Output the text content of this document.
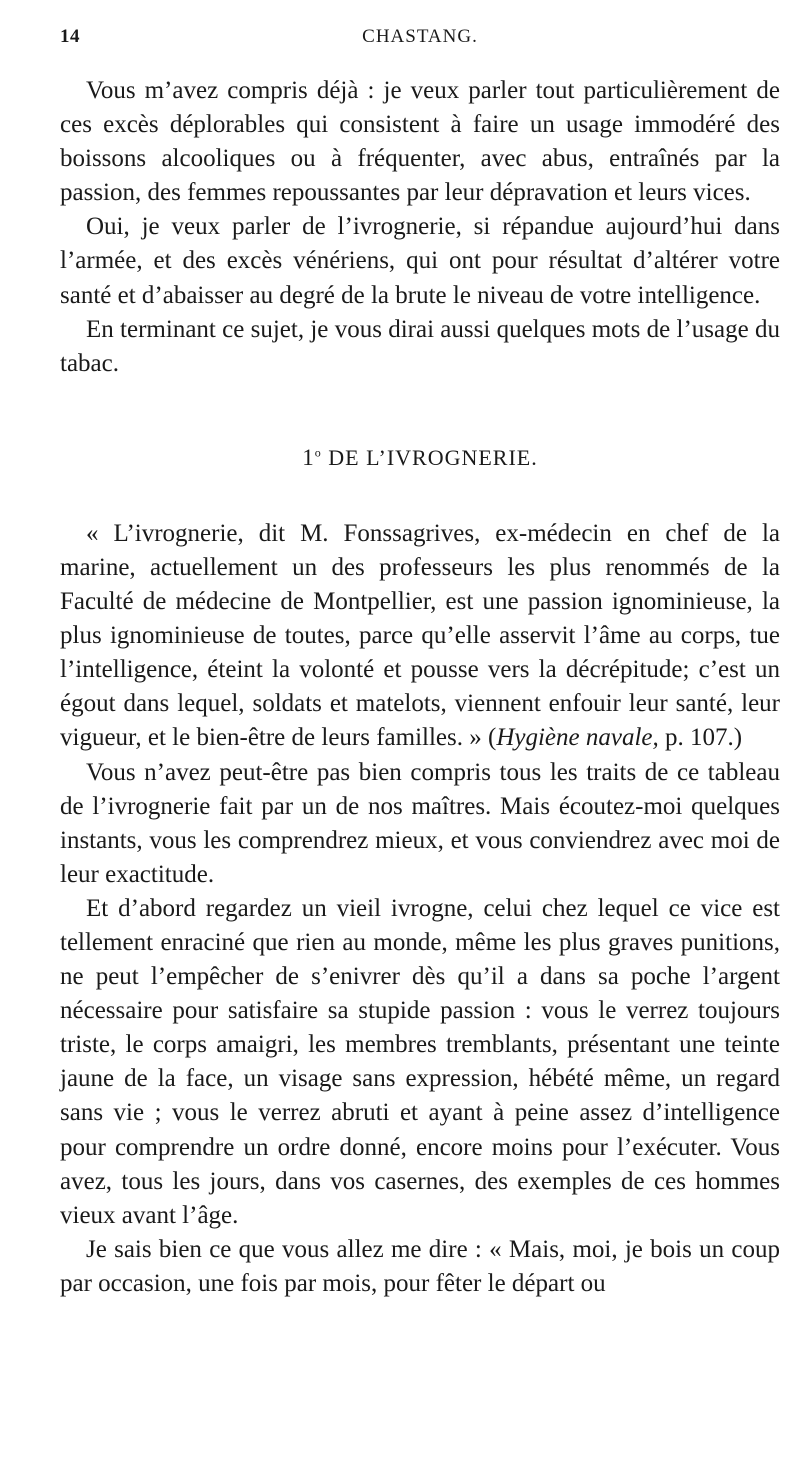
14	CHASTANG.

Vous m’avez compris déjà : je veux parler tout particulièrement de ces excès déplorables qui consistent à faire un usage immodéré des boissons alcooliques ou à fréquenter, avec abus, entraînés par la passion, des femmes repoussantes par leur dépravation et leurs vices.

Oui, je veux parler de l’ivrognerie, si répandue aujourd’hui dans l’armée, et des excès vénériens, qui ont pour résultat d’altérer votre santé et d’abaisser au degré de la brute le niveau de votre intelligence.

En terminant ce sujet, je vous dirai aussi quelques mots de l’usage du tabac.

1$^o$ DE L’IVROGNERIE.

« L’ivrognerie, dit M. Fonssagrives, ex-médecin en chef de la marine, actuellement un des professeurs les plus renommés de la Faculté de médecine de Montpellier, est une passion ignominieuse, la plus ignominieuse de toutes, parce qu’elle asservit l’âme au corps, tue l’intelligence, éteint la volonté et pousse vers la décrépitude; c’est un égout dans lequel, soldats et matelots, viennent enfouir leur santé, leur vigueur, et le bien-être de leurs familles. » (Hygiène navale, p. 107.)

Vous n’avez peut-être pas bien compris tous les traits de ce tableau de l’ivrognerie fait par un de nos maîtres. Mais écoutez-moi quelques instants, vous les comprendrez mieux, et vous conviendrez avec moi de leur exactitude.

Et d’abord regardez un vieil ivrogne, celui chez lequel ce vice est tellement enraciné que rien au monde, même les plus graves punitions, ne peut l’empêcher de s’enivrer dès qu’il a dans sa poche l’argent nécessaire pour satisfaire sa stupide passion : vous le verrez toujours triste, le corps amaigri, les membres tremblants, présentant une teinte jaune de la face, un visage sans expression, hébété même, un regard sans vie ; vous le verrez abruti et ayant à peine assez d’intelligence pour comprendre un ordre donné, encore moins pour l’exécuter. Vous avez, tous les jours, dans vos casernes, des exemples de ces hommes vieux avant l’âge.

Je sais bien ce que vous allez me dire : « Mais, moi, je bois un coup par occasion, une fois par mois, pour fêter le départ ou
